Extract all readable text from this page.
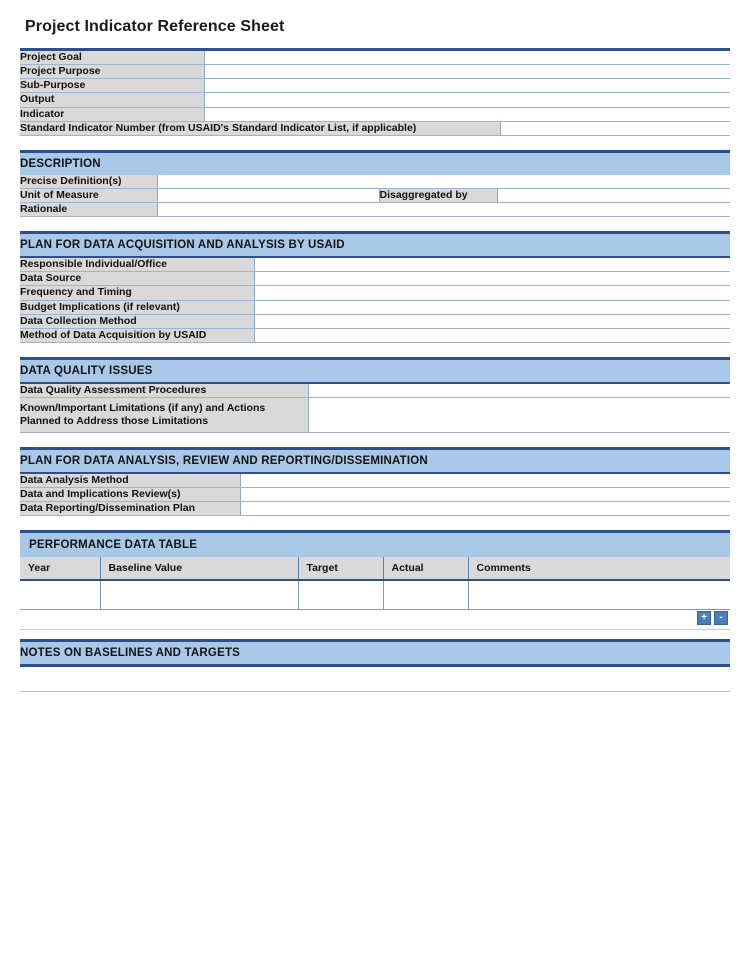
Project Indicator Reference Sheet
Project Goal	
Project Purpose	
Sub-Purpose	
Output	
Indicator	
Standard Indicator Number (from USAID's Standard Indicator List, if applicable)	
DESCRIPTION			
Precise Definition(s)			
Unit of Measure		Disaggregated by	
Rationale			
PLAN FOR DATA ACQUISITION AND ANALYSIS BY USAID	
Responsible Individual/Office	
Data Source	
Frequency and Timing	
Budget Implications (if relevant)	
Data Collection Method	
Method of Data Acquisition by USAID	
DATA QUALITY ISSUES	
Data Quality Assessment Procedures	
Known/Important Limitations (if any) and Actions Planned to Address those Limitations	
PLAN FOR DATA ANALYSIS, REVIEW AND REPORTING/DISSEMINATION	
Data Analysis Method	
Data and Implications Review(s)	
Data Reporting/Dissemination Plan	
PERFORMANCE DATA TABLE				
Year	Baseline Value	Target	Actual	Comments

+	-
NOTES ON BASELINES AND TARGETS
